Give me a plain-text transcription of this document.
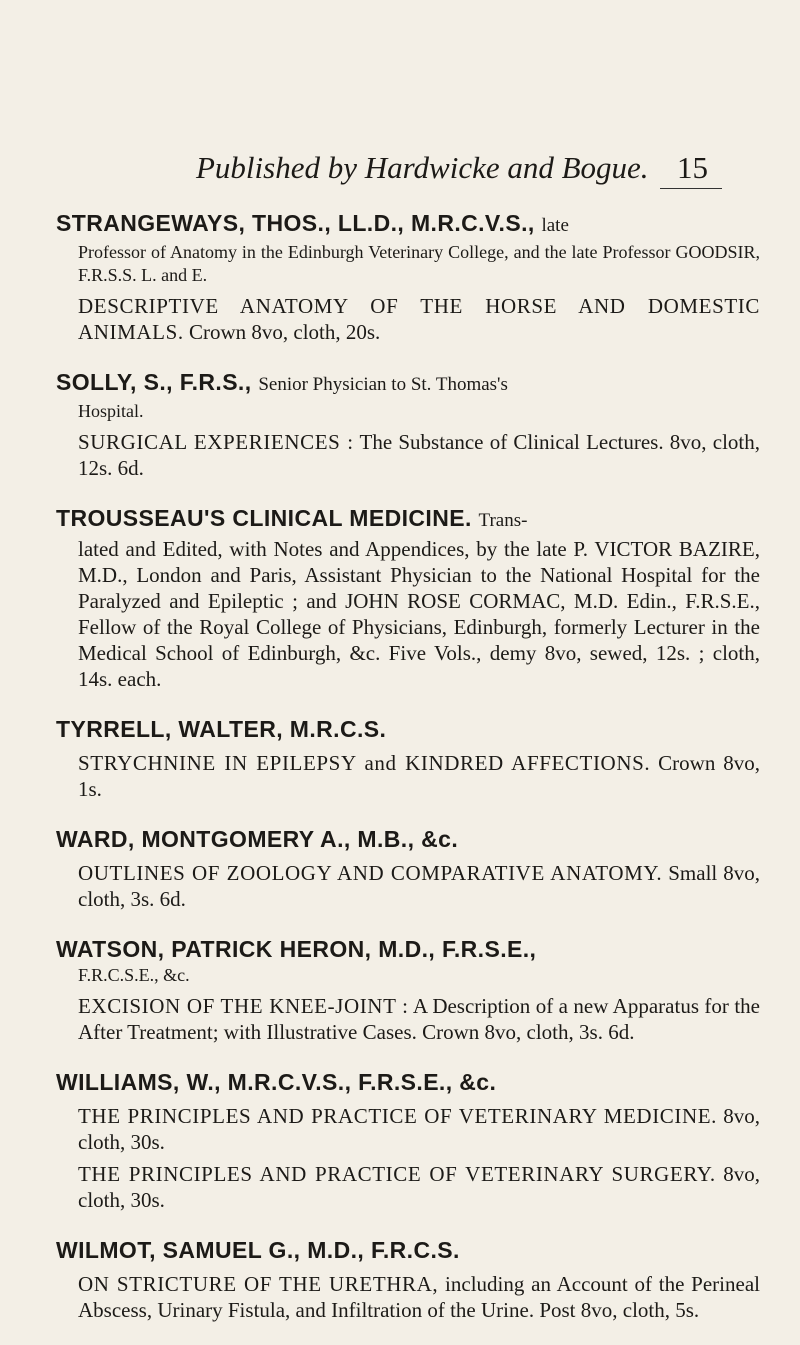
Published by Hardwicke and Bogue. 15
STRANGEWAYS, THOS., LL.D., M.R.C.V.S., late
Professor of Anatomy in the Edinburgh Veterinary College, and the late Professor GOODSIR, F.R.S.S. L. and E.
DESCRIPTIVE ANATOMY OF THE HORSE AND DOMESTIC ANIMALS. Crown 8vo, cloth, 20s.
SOLLY, S., F.R.S., Senior Physician to St. Thomas's
Hospital.
SURGICAL EXPERIENCES : The Substance of Clinical Lectures. 8vo, cloth, 12s. 6d.
TROUSSEAU'S CLINICAL MEDICINE. Trans-
lated and Edited, with Notes and Appendices, by the late P. VICTOR BAZIRE, M.D., London and Paris, Assistant Physician to the National Hospital for the Paralyzed and Epileptic ; and JOHN ROSE CORMAC, M.D. Edin., F.R.S.E., Fellow of the Royal College of Physicians, Edinburgh, formerly Lecturer in the Medical School of Edinburgh, &c. Five Vols., demy 8vo, sewed, 12s. ; cloth, 14s. each.
TYRRELL, WALTER, M.R.C.S.
STRYCHNINE IN EPILEPSY and KINDRED AFFECTIONS. Crown 8vo, 1s.
WARD, MONTGOMERY A., M.B., &c.
OUTLINES OF ZOOLOGY AND COMPARATIVE ANATOMY. Small 8vo, cloth, 3s. 6d.
WATSON, PATRICK HERON, M.D., F.R.S.E.,
F.R.C.S.E., &c.
EXCISION OF THE KNEE-JOINT : A Description of a new Apparatus for the After Treatment; with Illustrative Cases. Crown 8vo, cloth, 3s. 6d.
WILLIAMS, W., M.R.C.V.S., F.R.S.E., &c.
THE PRINCIPLES AND PRACTICE OF VETERINARY MEDICINE. 8vo, cloth, 30s.
THE PRINCIPLES AND PRACTICE OF VETERINARY SURGERY. 8vo, cloth, 30s.
WILMOT, SAMUEL G., M.D., F.R.C.S.
ON STRICTURE OF THE URETHRA, including an Account of the Perineal Abscess, Urinary Fistula, and Infiltration of the Urine. Post 8vo, cloth, 5s.
